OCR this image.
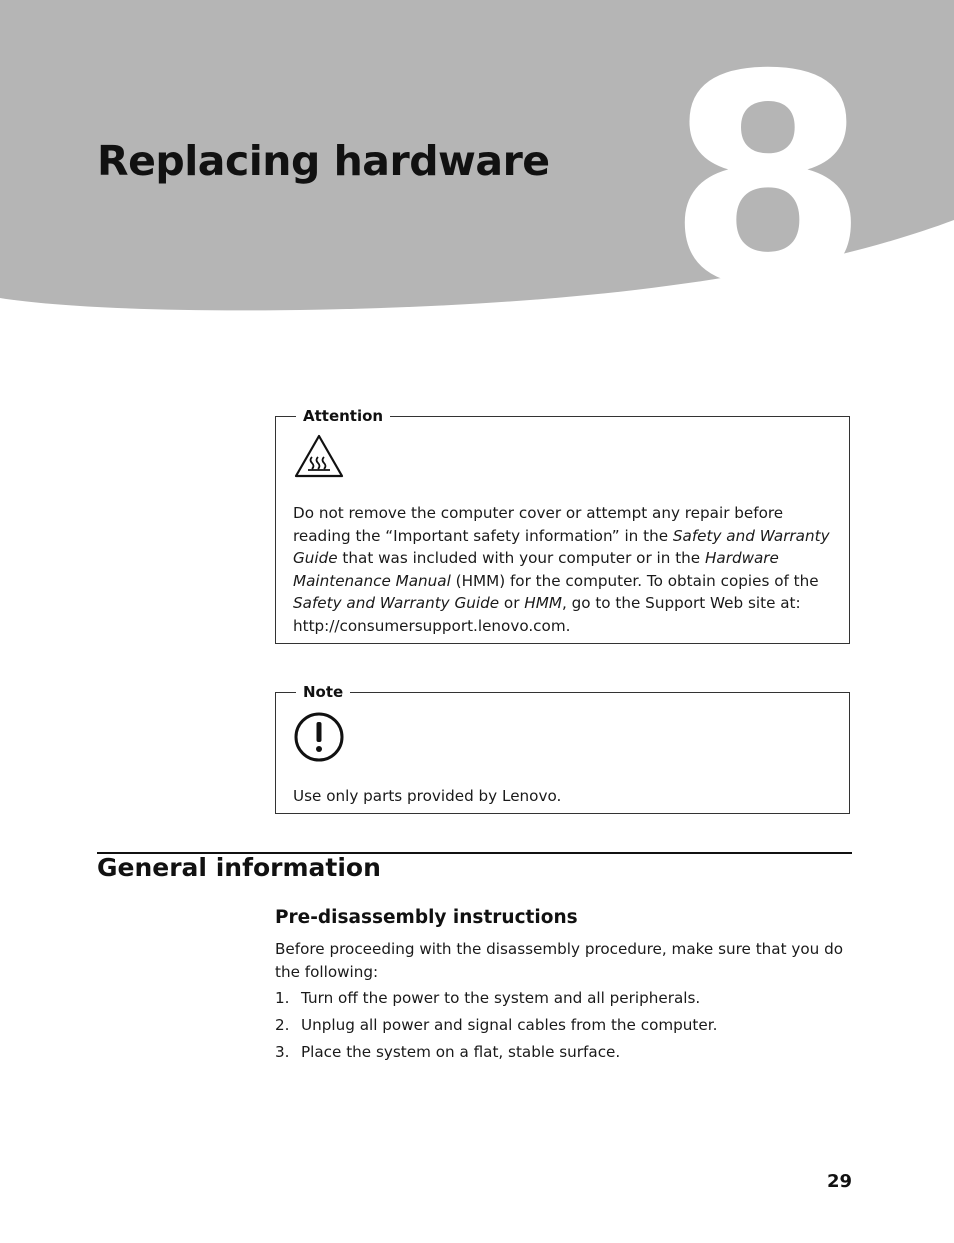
8
Replacing hardware
Attention

Do not remove the computer cover or attempt any repair before reading the “Important safety information” in the Safety and Warranty Guide that was included with your computer or in the Hardware Maintenance Manual (HMM) for the computer. To obtain copies of the Safety and Warranty Guide or HMM, go to the Support Web site at: http://consumersupport.lenovo.com.

Note

Use only parts provided by Lenovo.

General information
Pre-disassembly instructions

Before proceeding with the disassembly procedure, make sure that you do the following:

1. Turn off the power to the system and all peripherals.
2. Unplug all power and signal cables from the computer.
3. Place the system on a flat, stable surface.
29
